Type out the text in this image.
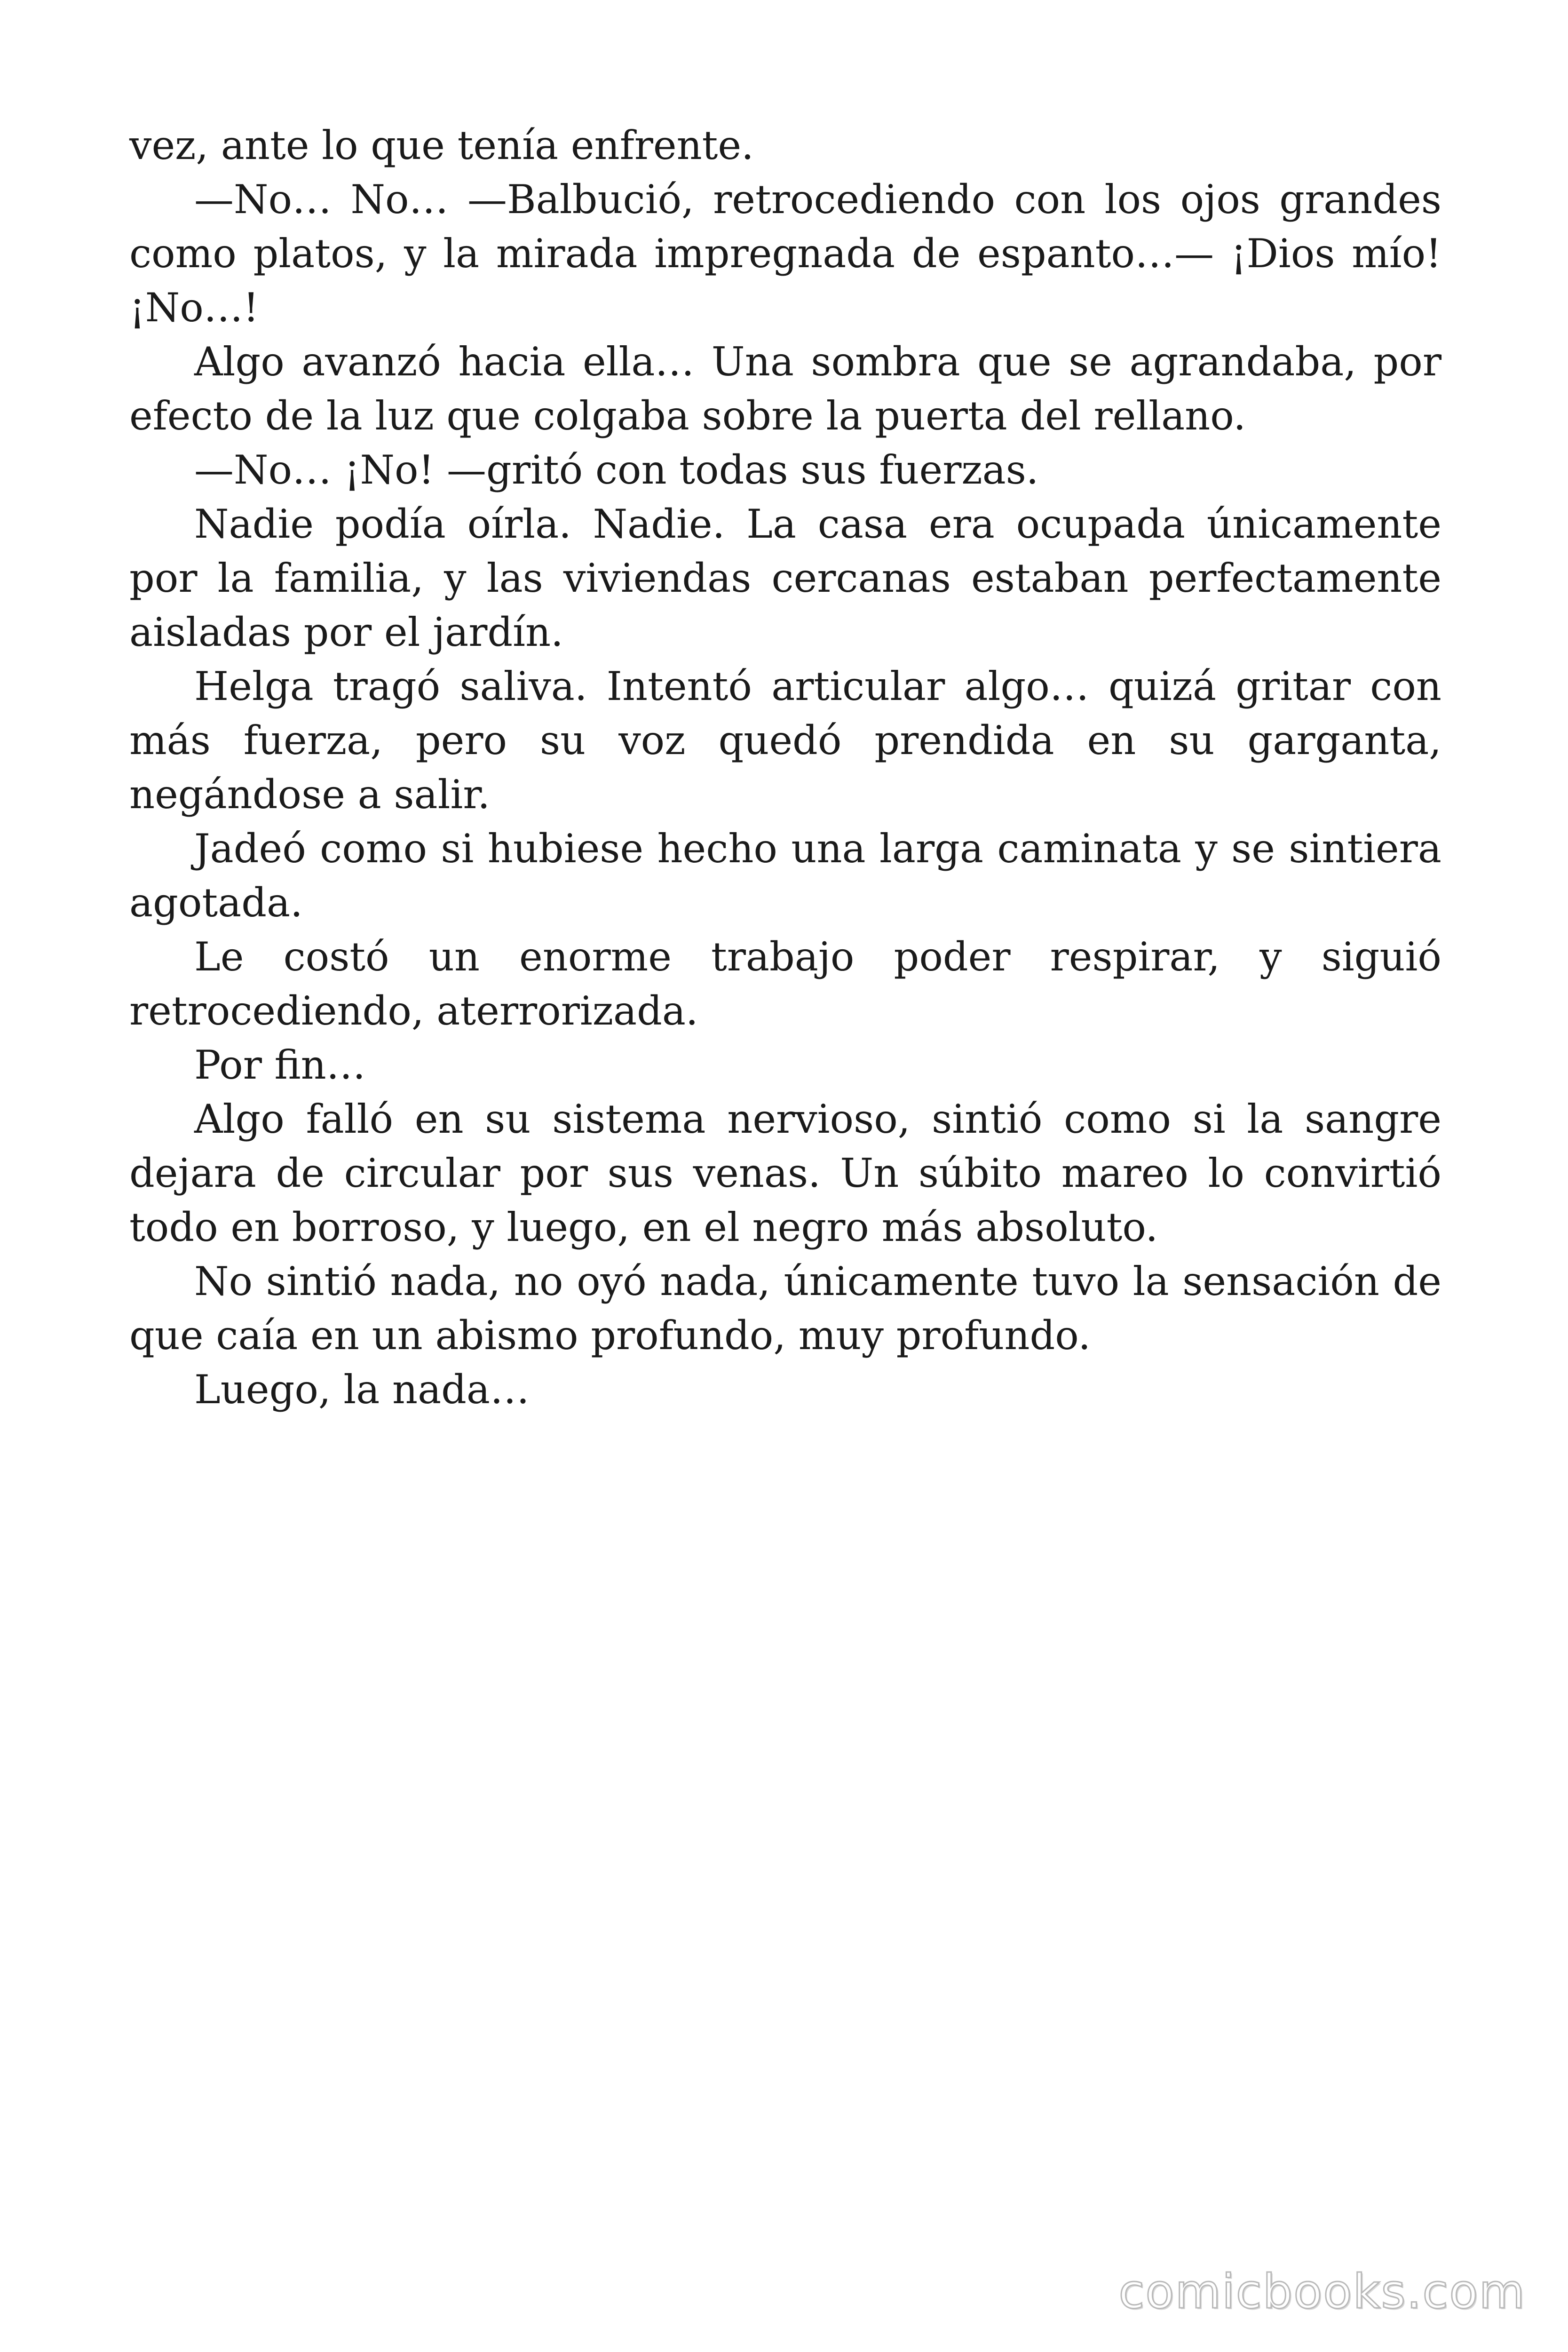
vez, ante lo que tenía enfrente.

—No… No… —Balbució, retrocediendo con los ojos grandes como platos, y la mirada impregnada de espanto…— ¡Dios mío! ¡No…!

Algo avanzó hacia ella… Una sombra que se agrandaba, por efecto de la luz que colgaba sobre la puerta del rellano.

—No… ¡No! —gritó con todas sus fuerzas.

Nadie podía oírla. Nadie. La casa era ocupada únicamente por la familia, y las viviendas cercanas estaban perfectamente aisladas por el jardín.

Helga tragó saliva. Intentó articular algo… quizá gritar con más fuerza, pero su voz quedó prendida en su garganta, negándose a salir.

Jadeó como si hubiese hecho una larga caminata y se sintiera agotada.

Le costó un enorme trabajo poder respirar, y siguió retrocediendo, aterrorizada.

Por fin…

Algo falló en su sistema nervioso, sintió como si la sangre dejara de circular por sus venas. Un súbito mareo lo convirtió todo en borroso, y luego, en el negro más absoluto.

No sintió nada, no oyó nada, únicamente tuvo la sensación de que caía en un abismo profundo, muy profundo.

Luego, la nada…

comicbooks.com
